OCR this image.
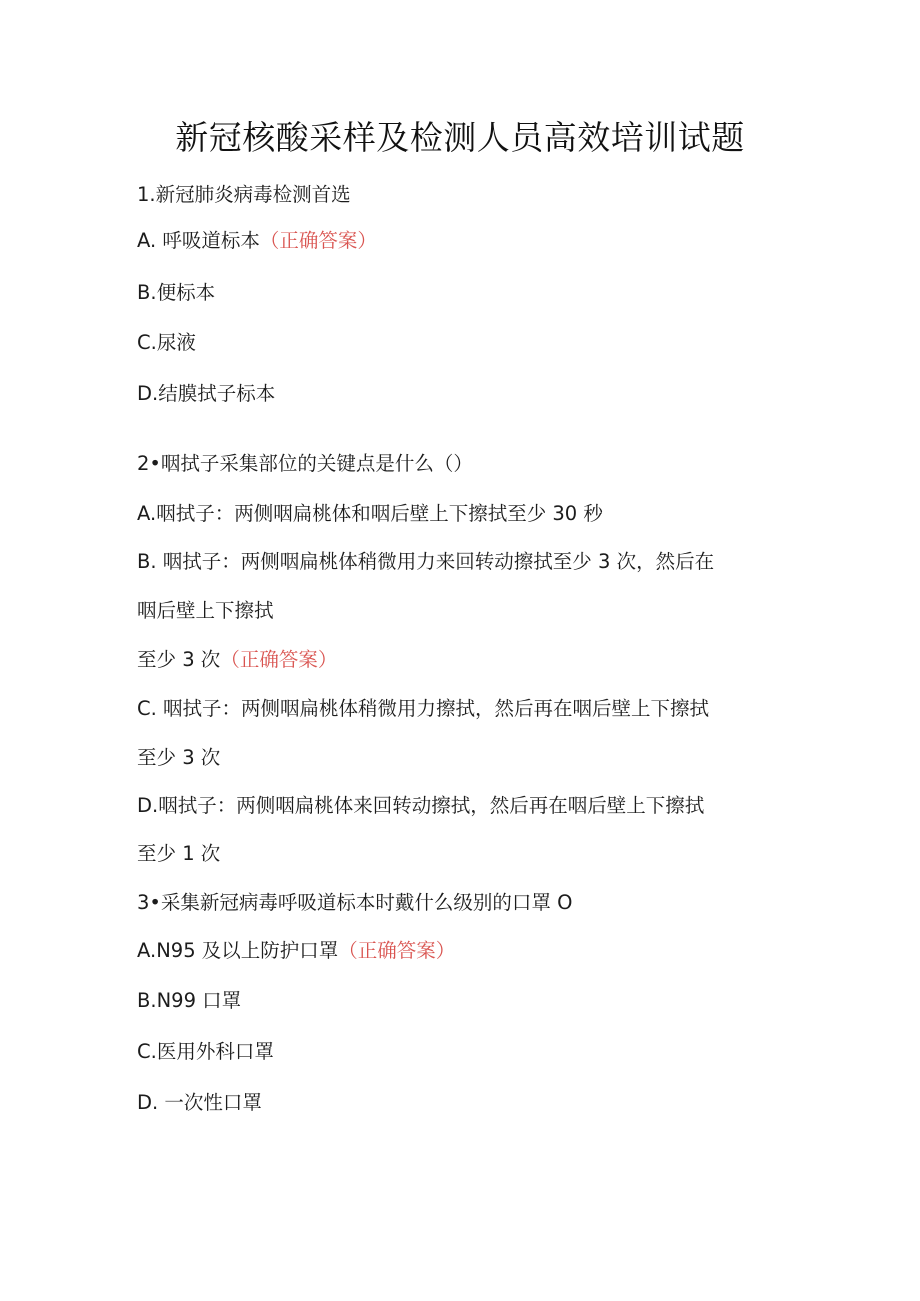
新冠核酸采样及检测人员高效培训试题
1.新冠肺炎病毒检测首选
A. 呼吸道标本（正确答案）
B.便标本
C.尿液
D.结膜拭子标本
2•咽拭子采集部位的关键点是什么（）
A.咽拭子：两侧咽扁桃体和咽后壁上下擦拭至少 30 秒
B. 咽拭子：两侧咽扁桃体稍微用力来回转动擦拭至少 3 次，然后在
咽后壁上下擦拭
至少 3 次（正确答案）
C. 咽拭子：两侧咽扁桃体稍微用力擦拭，然后再在咽后壁上下擦拭
至少 3 次
D.咽拭子：两侧咽扁桃体来回转动擦拭，然后再在咽后壁上下擦拭
至少 1 次
3•采集新冠病毒呼吸道标本时戴什么级别的口罩 O
A.N95 及以上防护口罩（正确答案）
B.N99 口罩
C.医用外科口罩
D. 一次性口罩
